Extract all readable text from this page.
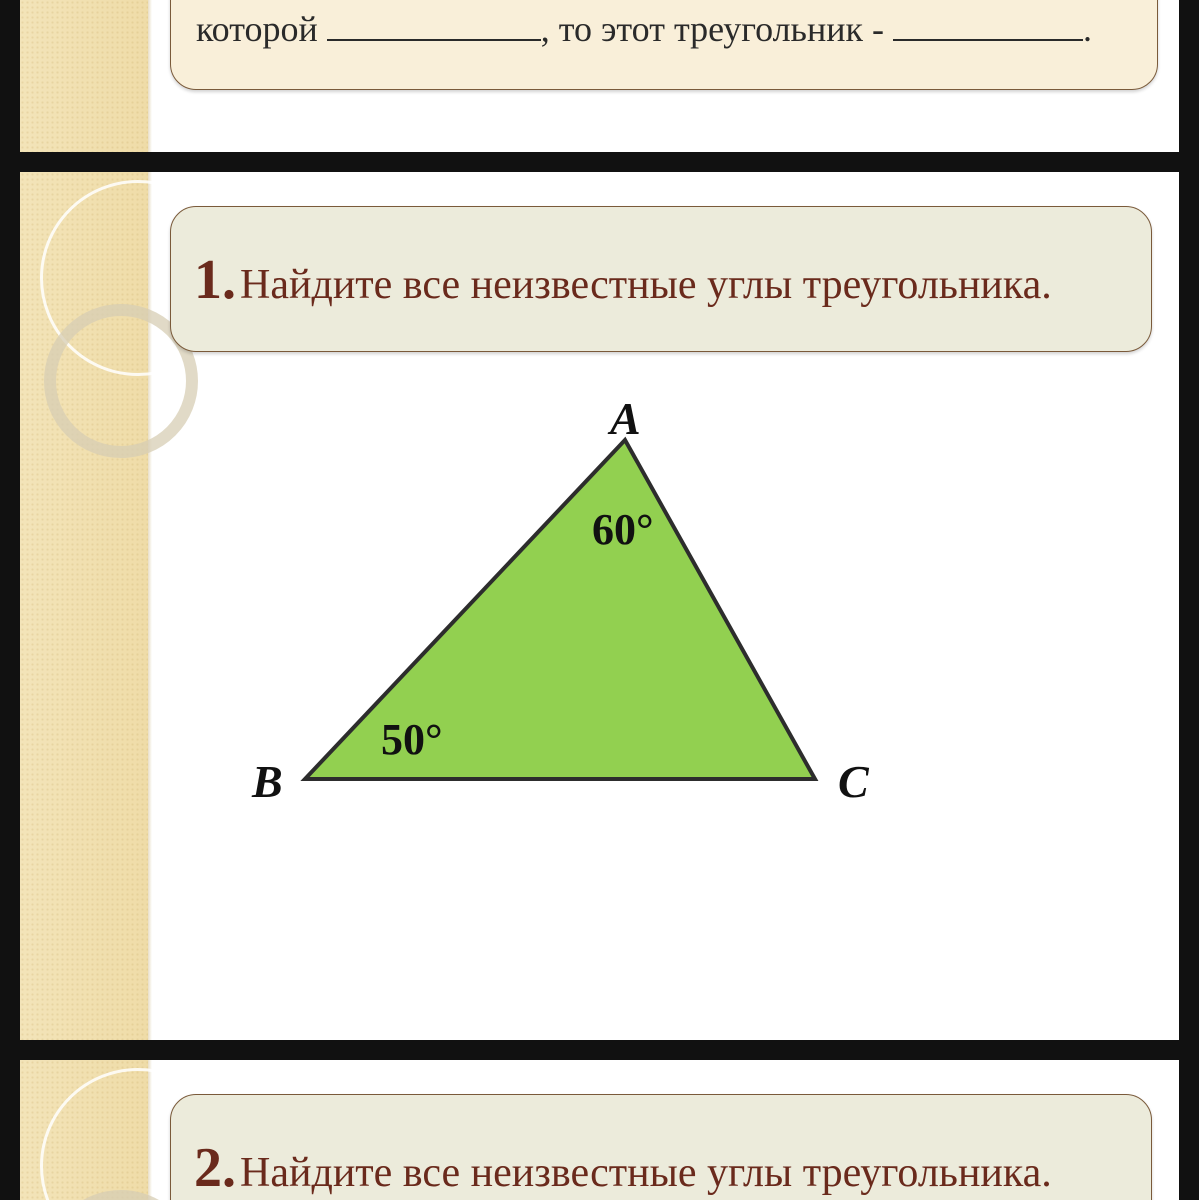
которой	, то этот треугольник -	.
1. Найдите все неизвестные углы треугольника.
A
B	C
60°
50°
2. Найдите все неизвестные углы треугольника.
